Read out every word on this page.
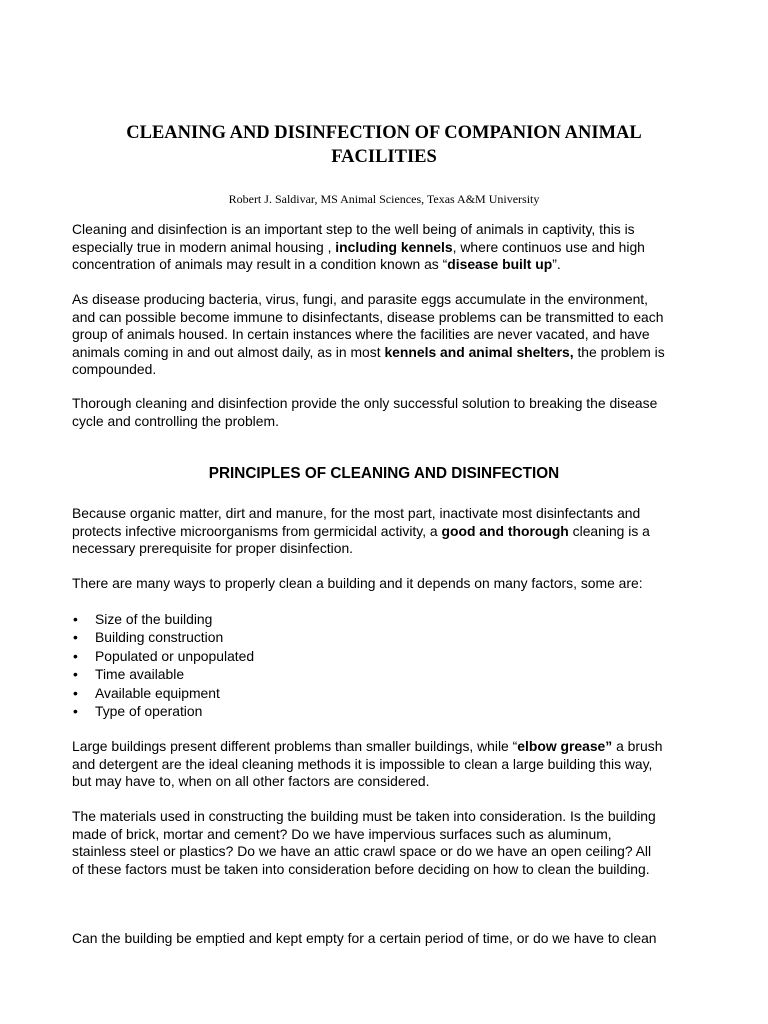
CLEANING AND DISINFECTION OF COMPANION ANIMAL
FACILITIES

Robert J. Saldivar, MS Animal Sciences, Texas A&M University

Cleaning and disinfection is an important step to the well being of animals in captivity, this is
especially true in modern animal housing , including kennels, where continuos use and high
concentration of animals may result in a condition known as “disease built up”.

As disease producing bacteria, virus, fungi, and parasite eggs accumulate in the environment,
and can possible become immune to disinfectants, disease problems can be transmitted to each
group of animals housed. In certain instances where the facilities are never vacated, and have
animals coming in and out almost daily, as in most kennels and animal shelters, the problem is
compounded.

Thorough cleaning and disinfection provide the only successful solution to breaking the disease
cycle and controlling the problem.

PRINCIPLES OF CLEANING AND DISINFECTION

Because organic matter, dirt and manure, for the most part, inactivate most disinfectants and
protects infective microorganisms from germicidal activity, a good and thorough cleaning is a
necessary prerequisite for proper disinfection.

There are many ways to properly clean a building and it depends on many factors, some are:

• Size of the building
• Building construction
• Populated or unpopulated
• Time available
• Available equipment
• Type of operation

Large buildings present different problems than smaller buildings, while “elbow grease” a brush
and detergent are the ideal cleaning methods it is impossible to clean a large building this way,
but may have to, when on all other factors are considered.

The materials used in constructing the building must be taken into consideration. Is the building
made of brick, mortar and cement? Do we have impervious surfaces such as aluminum,
stainless steel or plastics? Do we have an attic crawl space or do we have an open ceiling? All
of these factors must be taken into consideration before deciding on how to clean the building.

Can the building be emptied and kept empty for a certain period of time, or do we have to clean
